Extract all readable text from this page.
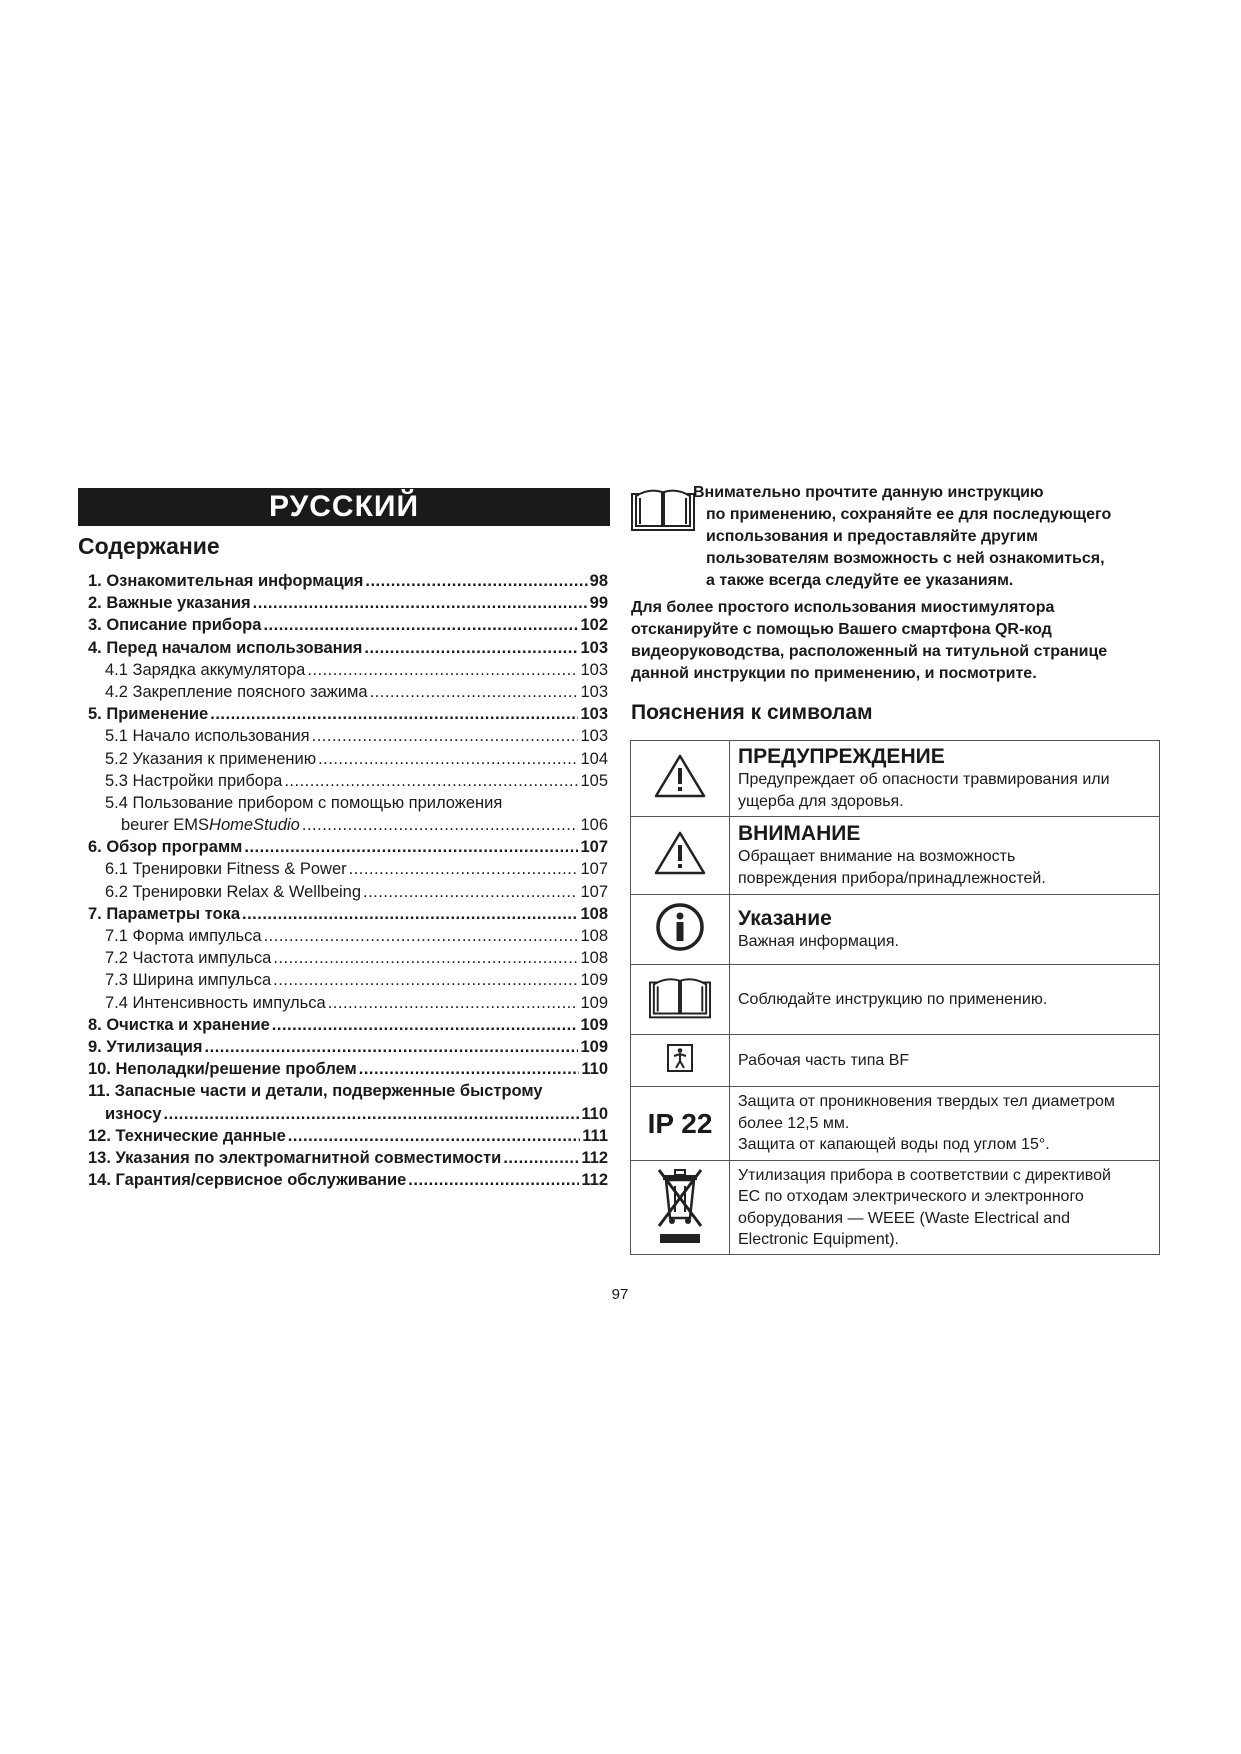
РУССКИЙ
Содержание
1. Ознакомительная информация .....	98
2. Важные указания .....	99
3. Описание прибора .....	102
4. Перед началом использования .....	103
4.1 Зарядка аккумулятора .....	103
4.2 Закрепление поясного зажима .....	103
5. Применение .....	103
5.1 Начало использования .....	103
5.2 Указания к применению .....	104
5.3 Настройки прибора .....	105
5.4 Пользование прибором с помощью приложения
beurer EMS HomeStudio .....	106
6. Обзор программ .....	107
6.1 Тренировки Fitness & Power .....	107
6.2 Тренировки Relax & Wellbeing .....	107
7. Параметры тока .....	108
7.1 Форма импульса .....	108
7.2 Частота импульса .....	108
7.3 Ширина импульса .....	109
7.4 Интенсивность импульса .....	109
8. Очистка и хранение .....	109
9. Утилизация .....	109
10. Неполадки/решение проблем .....	110
11. Запасные части и детали, подверженные быстрому
износу .....	110
12. Технические данные .....	111
13. Указания по электромагнитной совместимости .....	112
14. Гарантия/сервисное обслуживание .....	112
Внимательно прочтите данную инструкцию
по применению, сохраняйте ее для последующего
использования и предоставляйте другим
пользователям возможность с ней ознакомиться,
а также всегда следуйте ее указаниям.
Для более простого использования миостимулятора
отсканируйте с помощью Вашего смартфона QR-код
видеоруководства, расположенный на титульной странице
данной инструкции по применению, и посмотрите.
Пояснения к символам

ПРЕДУПРЕЖДЕНИЕ
Предупреждает об опасности травмирования или
ущерба для здоровья.

ВНИМАНИЕ
Обращает внимание на возможность
повреждения прибора/принадлежностей.

Указание
Важная информация.

Соблюдайте инструкцию по применению.

Рабочая часть типа BF

IP 22	Защита от проникновения твердых тел диаметром
более 12,5 мм.
Защита от капающей воды под углом 15°.

Утилизация прибора в соответствии с директивой
ЕС по отходам электрического и электронного
оборудования — WEEE (Waste Electrical and
Electronic Equipment).
97
